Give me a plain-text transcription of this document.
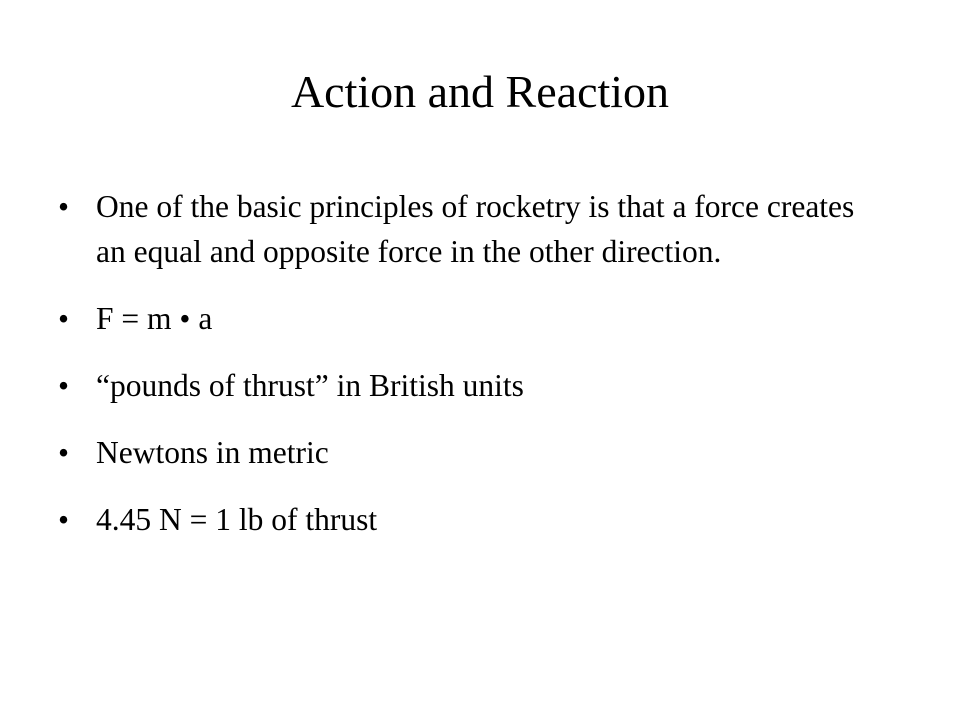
Action and Reaction
• One of the basic principles of rocketry is that a force creates an equal and opposite force in the other direction.
• F = m • a
• “pounds of thrust” in British units
• Newtons in metric
• 4.45 N = 1 lb of thrust
